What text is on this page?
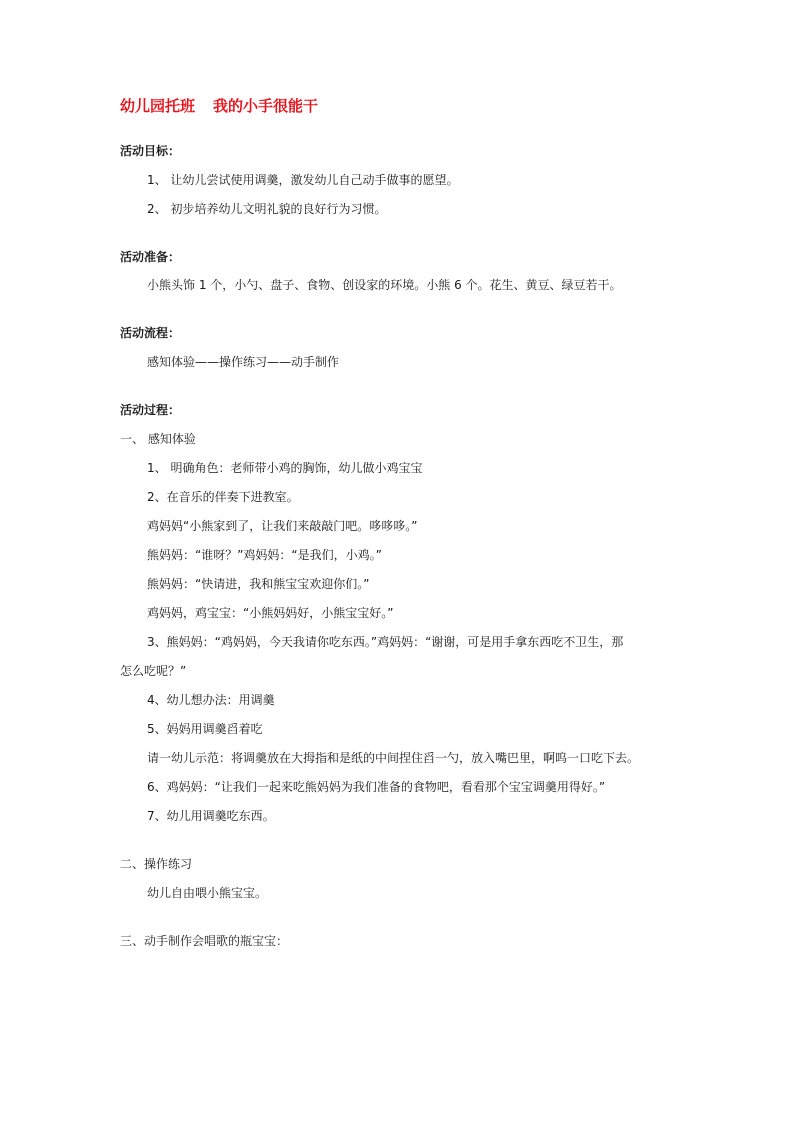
幼儿园托班 我的小手很能干
活动目标：
1、 让幼儿尝试使用调羹，激发幼儿自己动手做事的愿望。
2、 初步培养幼儿文明礼貌的良好行为习惯。
活动准备：
小熊头饰 1 个，小勺、盘子、食物、创设家的环境。小熊 6 个。花生、黄豆、绿豆若干。
活动流程：
感知体验——操作练习——动手制作
活动过程：
一、 感知体验
1、 明确角色：老师带小鸡的胸饰，幼儿做小鸡宝宝
2、在音乐的伴奏下进教室。
鸡妈妈“小熊家到了，让我们来敲敲门吧。哆哆哆。”
熊妈妈：“谁呀？”鸡妈妈：“是我们，小鸡。”
熊妈妈：“快请进，我和熊宝宝欢迎你们。”
鸡妈妈，鸡宝宝：“小熊妈妈好，小熊宝宝好。”
3、熊妈妈：“鸡妈妈，今天我请你吃东西。”鸡妈妈：“谢谢，可是用手拿东西吃不卫生，那
怎么吃呢？”
4、幼儿想办法：用调羹
5、妈妈用调羹舀着吃
请一幼儿示范：将调羹放在大拇指和是纸的中间捏住舀一勺，放入嘴巴里，啊呜一口吃下去。
6、鸡妈妈：“让我们一起来吃熊妈妈为我们准备的食物吧，看看那个宝宝调羹用得好。”
7、幼儿用调羹吃东西。
二、操作练习
幼儿自由喂小熊宝宝。
三、动手制作会唱歌的瓶宝宝：
